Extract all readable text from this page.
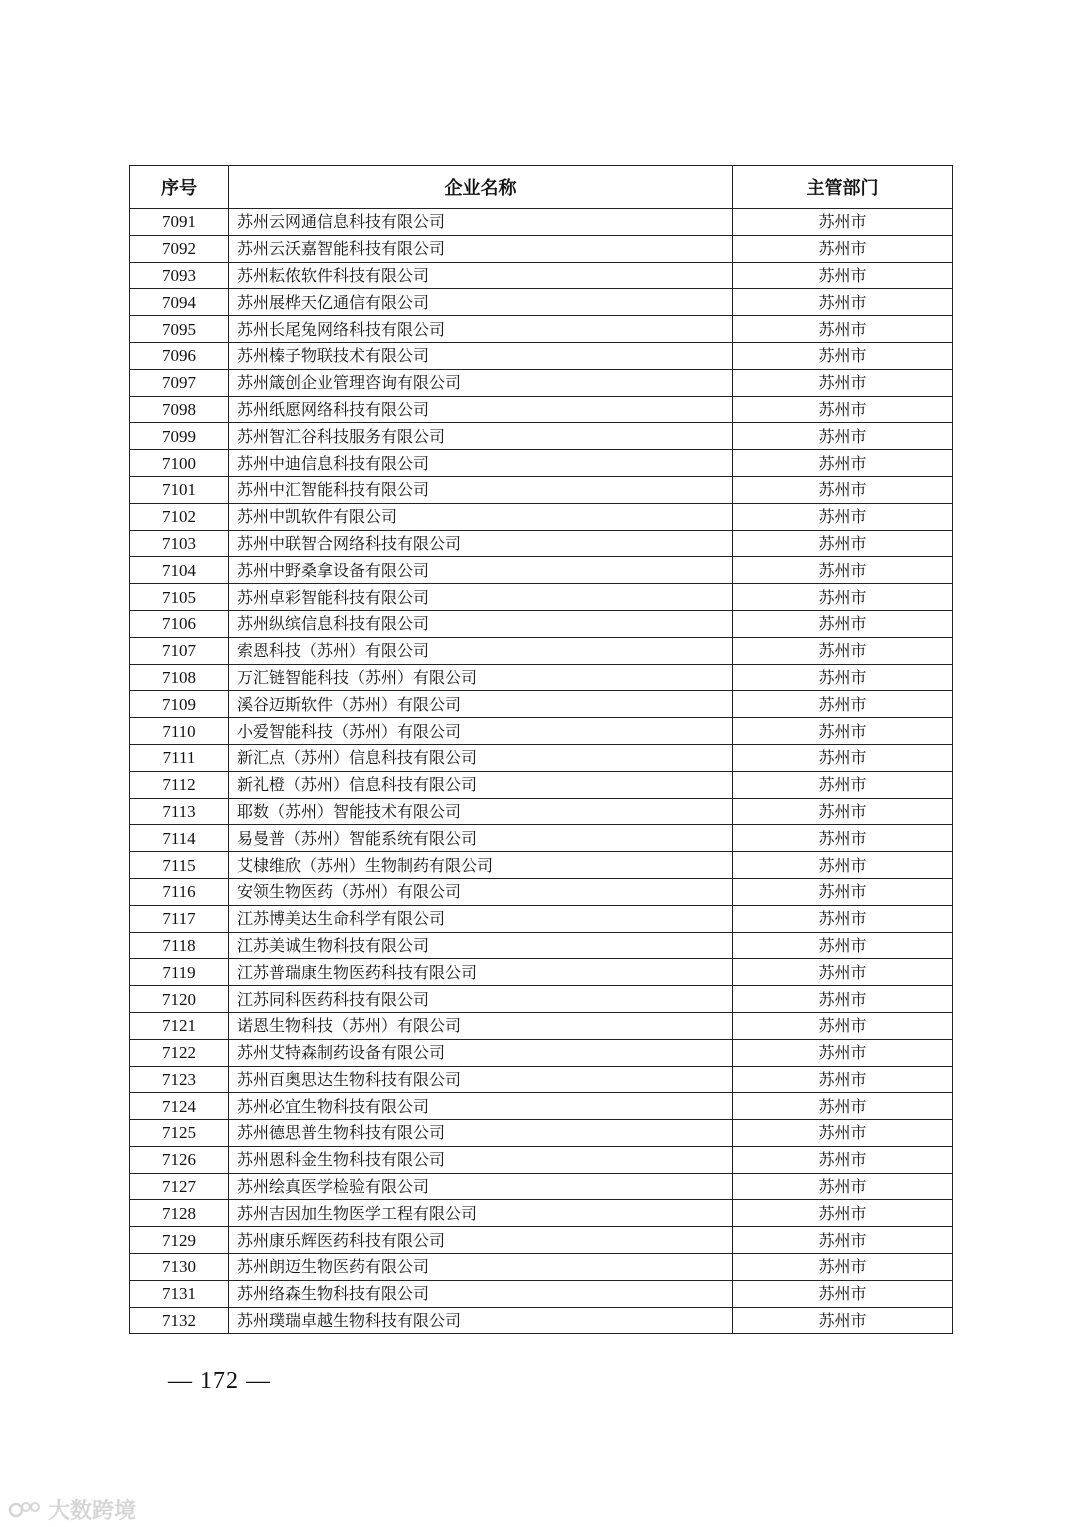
序号	企业名称	主管部门
7091	苏州云网通信息科技有限公司	苏州市
7092	苏州云沃嘉智能科技有限公司	苏州市
7093	苏州耘侬软件科技有限公司	苏州市
7094	苏州展桦天亿通信有限公司	苏州市
7095	苏州长尾兔网络科技有限公司	苏州市
7096	苏州榛子物联技术有限公司	苏州市
7097	苏州箴创企业管理咨询有限公司	苏州市
7098	苏州纸愿网络科技有限公司	苏州市
7099	苏州智汇谷科技服务有限公司	苏州市
7100	苏州中迪信息科技有限公司	苏州市
7101	苏州中汇智能科技有限公司	苏州市
7102	苏州中凯软件有限公司	苏州市
7103	苏州中联智合网络科技有限公司	苏州市
7104	苏州中野桑拿设备有限公司	苏州市
7105	苏州卓彩智能科技有限公司	苏州市
7106	苏州纵缤信息科技有限公司	苏州市
7107	索恩科技（苏州）有限公司	苏州市
7108	万汇链智能科技（苏州）有限公司	苏州市
7109	溪谷迈斯软件（苏州）有限公司	苏州市
7110	小爱智能科技（苏州）有限公司	苏州市
7111	新汇点（苏州）信息科技有限公司	苏州市
7112	新礼橙（苏州）信息科技有限公司	苏州市
7113	耶数（苏州）智能技术有限公司	苏州市
7114	易曼普（苏州）智能系统有限公司	苏州市
7115	艾棣维欣（苏州）生物制药有限公司	苏州市
7116	安领生物医药（苏州）有限公司	苏州市
7117	江苏博美达生命科学有限公司	苏州市
7118	江苏美诚生物科技有限公司	苏州市
7119	江苏普瑞康生物医药科技有限公司	苏州市
7120	江苏同科医药科技有限公司	苏州市
7121	诺恩生物科技（苏州）有限公司	苏州市
7122	苏州艾特森制药设备有限公司	苏州市
7123	苏州百奥思达生物科技有限公司	苏州市
7124	苏州必宜生物科技有限公司	苏州市
7125	苏州德思普生物科技有限公司	苏州市
7126	苏州恩科金生物科技有限公司	苏州市
7127	苏州绘真医学检验有限公司	苏州市
7128	苏州吉因加生物医学工程有限公司	苏州市
7129	苏州康乐辉医药科技有限公司	苏州市
7130	苏州朗迈生物医药有限公司	苏州市
7131	苏州络森生物科技有限公司	苏州市
7132	苏州璞瑞卓越生物科技有限公司	苏州市
— 172 —
大数跨境
